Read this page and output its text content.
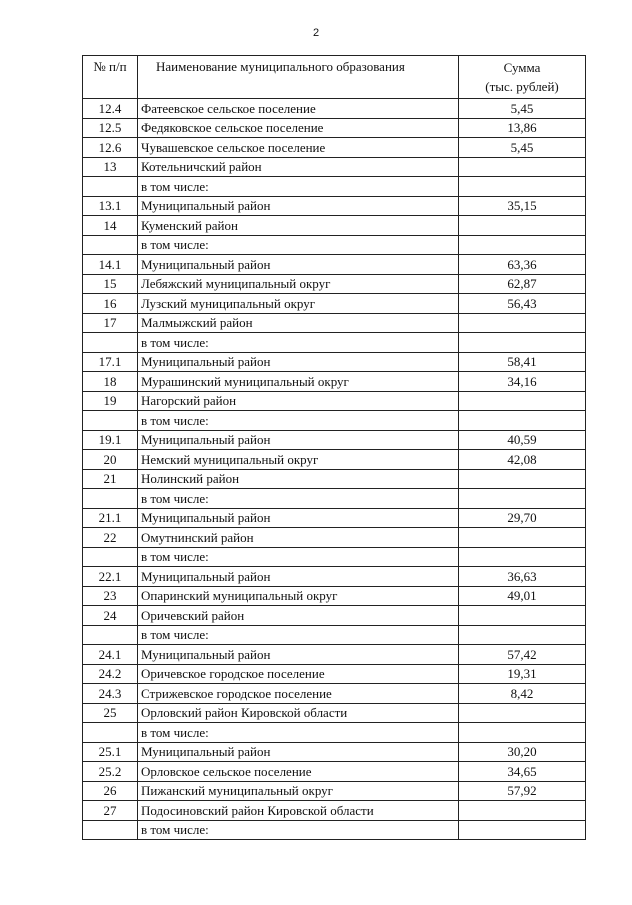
2
№ п/п	Наименование муниципального образования	Сумма
(тыс. рублей)
12.4	Фатеевское сельское поселение	5,45
12.5	Федяковское сельское поселение	13,86
12.6	Чувашевское сельское поселение	5,45
13	Котельничский район	
	в том числе:	
13.1	Муниципальный район	35,15
14	Куменский район	
	в том числе:	
14.1	Муниципальный район	63,36
15	Лебяжский муниципальный округ	62,87
16	Лузский муниципальный округ	56,43
17	Малмыжский район	
	в том числе:	
17.1	Муниципальный район	58,41
18	Мурашинский муниципальный округ	34,16
19	Нагорский район	
	в том числе:	
19.1	Муниципальный район	40,59
20	Немский муниципальный округ	42,08
21	Нолинский район	
	в том числе:	
21.1	Муниципальный район	29,70
22	Омутнинский район	
	в том числе:	
22.1	Муниципальный район	36,63
23	Опаринский муниципальный округ	49,01
24	Оричевский район	
	в том числе:	
24.1	Муниципальный район	57,42
24.2	Оричевское городское поселение	19,31
24.3	Стрижевское городское поселение	8,42
25	Орловский район Кировской области	
	в том числе:	
25.1	Муниципальный район	30,20
25.2	Орловское сельское поселение	34,65
26	Пижанский муниципальный округ	57,92
27	Подосиновский район Кировской области	
	в том числе:	
